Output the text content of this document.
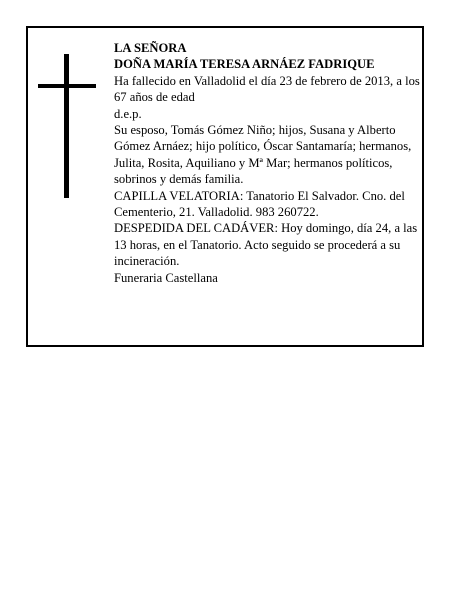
LA SEÑORA

DOÑA MARÍA TERESA ARNÁEZ FADRIQUE

Ha fallecido en Valladolid el día 23 de febrero de 2013, a los 67 años de edad

d.e.p.

Su esposo, Tomás Gómez Niño; hijos, Susana y Alberto Gómez Arnáez; hijo político, Óscar Santamaría; hermanos, Julita, Rosita, Aquiliano y Mª Mar; hermanos políticos, sobrinos y demás familia.

CAPILLA VELATORIA: Tanatorio El Salvador. Cno. del Cementerio, 21. Valladolid. 983 260722.

DESPEDIDA DEL CADÁVER: Hoy domingo, día 24, a las 13 horas, en el Tanatorio. Acto seguido se procederá a su incineración.

Funeraria Castellana
